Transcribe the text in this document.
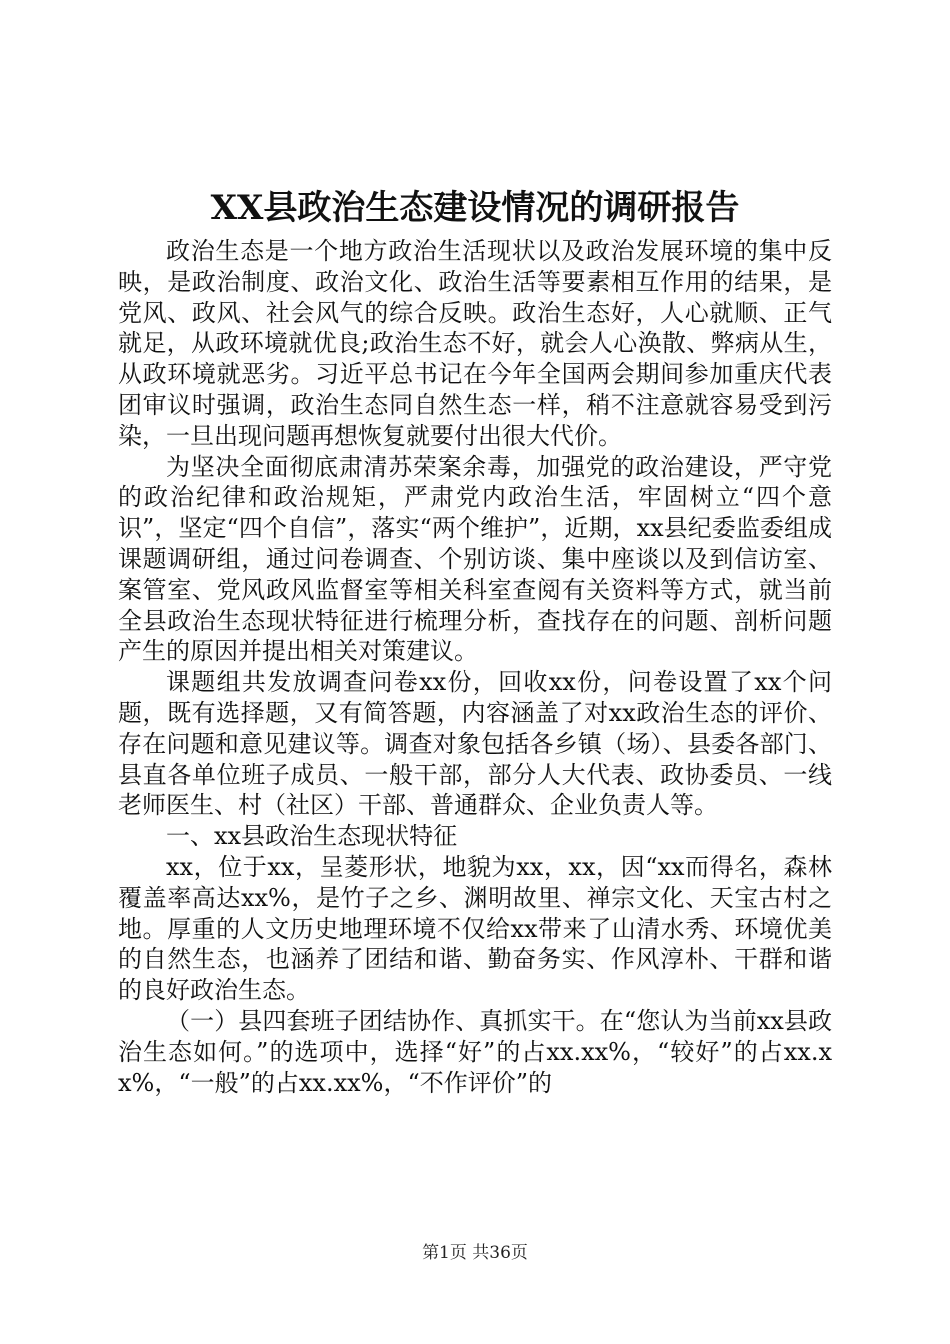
XX县政治生态建设情况的调研报告

政治生态是一个地方政治生活现状以及政治发展环境的集中反映，是政治制度、政治文化、政治生活等要素相互作用的结果，是党风、政风、社会风气的综合反映。政治生态好，人心就顺、正气就足，从政环境就优良;政治生态不好，就会人心涣散、弊病从生，从政环境就恶劣。习近平总书记在今年全国两会期间参加重庆代表团审议时强调，政治生态同自然生态一样，稍不注意就容易受到污染，一旦出现问题再想恢复就要付出很大代价。

为坚决全面彻底肃清苏荣案余毒，加强党的政治建设，严守党的政治纪律和政治规矩，严肃党内政治生活，牢固树立“四个意识”，坚定“四个自信”，落实“两个维护”，近期，xx县纪委监委组成课题调研组，通过问卷调查、个别访谈、集中座谈以及到信访室、案管室、党风政风监督室等相关科室查阅有关资料等方式，就当前全县政治生态现状特征进行梳理分析，查找存在的问题、剖析问题产生的原因并提出相关对策建议。

课题组共发放调查问卷xx份，回收xx份，问卷设置了xx个问题，既有选择题，又有简答题，内容涵盖了对xx政治生态的评价、存在问题和意见建议等。调查对象包括各乡镇（场）、县委各部门、县直各单位班子成员、一般干部，部分人大代表、政协委员、一线老师医生、村（社区）干部、普通群众、企业负责人等。

一、xx县政治生态现状特征

xx，位于xx，呈菱形状，地貌为xx，xx，因“xx而得名，森林覆盖率高达xx%，是竹子之乡、渊明故里、禅宗文化、天宝古村之地。厚重的人文历史地理环境不仅给xx带来了山清水秀、环境优美的自然生态，也涵养了团结和谐、勤奋务实、作风淳朴、干群和谐的良好政治生态。

（一）县四套班子团结协作、真抓实干。在“您认为当前xx县政治生态如何。”的选项中，选择“好”的占xx.xx%，“较好”的占xx.xx%，“一般”的占xx.xx%，“不作评价”的

第1页 共36页
